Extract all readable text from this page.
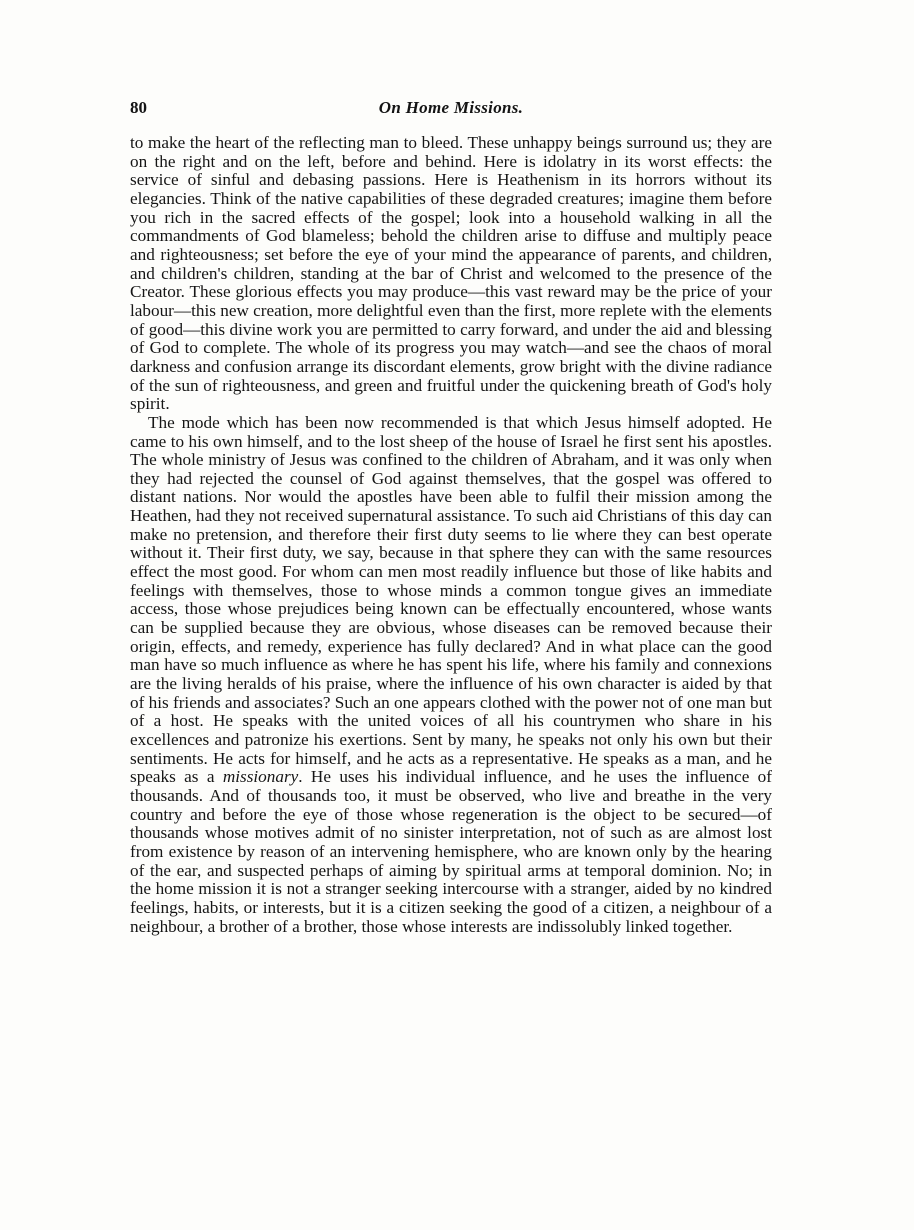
80	On Home Missions.

to make the heart of the reflecting man to bleed. These unhappy beings surround us; they are on the right and on the left, before and behind. Here is idolatry in its worst effects: the service of sinful and debasing passions. Here is Heathenism in its horrors without its elegancies. Think of the native capabilities of these degraded creatures; imagine them before you rich in the sacred effects of the gospel; look into a household walking in all the commandments of God blameless; behold the children arise to diffuse and multiply peace and righteousness; set before the eye of your mind the appearance of parents, and children, and children's children, standing at the bar of Christ and welcomed to the presence of the Creator. These glorious effects you may produce—this vast reward may be the price of your labour—this new creation, more delightful even than the first, more replete with the elements of good—this divine work you are permitted to carry forward, and under the aid and blessing of God to complete. The whole of its progress you may watch—and see the chaos of moral darkness and confusion arrange its discordant elements, grow bright with the divine radiance of the sun of righteousness, and green and fruitful under the quickening breath of God's holy spirit.

The mode which has been now recommended is that which Jesus himself adopted. He came to his own himself, and to the lost sheep of the house of Israel he first sent his apostles. The whole ministry of Jesus was confined to the children of Abraham, and it was only when they had rejected the counsel of God against themselves, that the gospel was offered to distant nations. Nor would the apostles have been able to fulfil their mission among the Heathen, had they not received supernatural assistance. To such aid Christians of this day can make no pretension, and therefore their first duty seems to lie where they can best operate without it. Their first duty, we say, because in that sphere they can with the same resources effect the most good. For whom can men most readily influence but those of like habits and feelings with themselves, those to whose minds a common tongue gives an immediate access, those whose prejudices being known can be effectually encountered, whose wants can be supplied because they are obvious, whose diseases can be removed because their origin, effects, and remedy, experience has fully declared? And in what place can the good man have so much influence as where he has spent his life, where his family and connexions are the living heralds of his praise, where the influence of his own character is aided by that of his friends and associates? Such an one appears clothed with the power not of one man but of a host. He speaks with the united voices of all his countrymen who share in his excellences and patronize his exertions. Sent by many, he speaks not only his own but their sentiments. He acts for himself, and he acts as a representative. He speaks as a man, and he speaks as a missionary. He uses his individual influence, and he uses the influence of thousands. And of thousands too, it must be observed, who live and breathe in the very country and before the eye of those whose regeneration is the object to be secured—of thousands whose motives admit of no sinister interpretation, not of such as are almost lost from existence by reason of an intervening hemisphere, who are known only by the hearing of the ear, and suspected perhaps of aiming by spiritual arms at temporal dominion. No; in the home mission it is not a stranger seeking intercourse with a stranger, aided by no kindred feelings, habits, or interests, but it is a citizen seeking the good of a citizen, a neighbour of a neighbour, a brother of a brother, those whose interests are indissolubly linked together.
